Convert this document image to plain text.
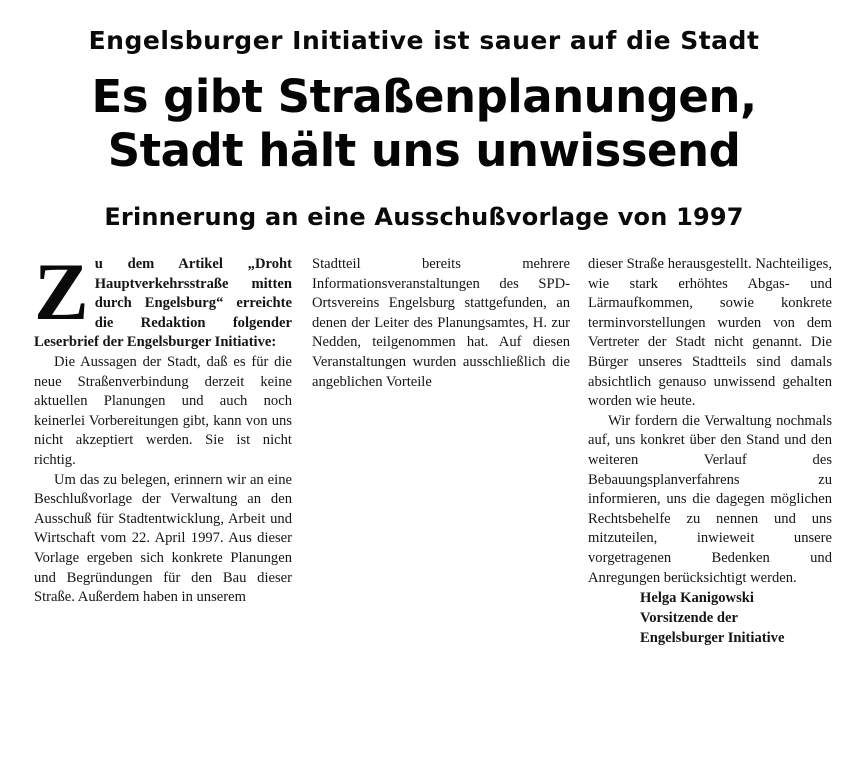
Engelsburger Initiative ist sauer auf die Stadt
Es gibt Straßenplanungen,
Stadt hält uns unwissend
Erinnerung an eine Ausschußvorlage von 1997

Zu dem Artikel „Droht Hauptverkehrsstraße mitten durch Engelsburg“ erreichte die Redaktion folgender Leserbrief der Engelsburger Initiative:

Die Aussagen der Stadt, daß es für die neue Straßenverbindung derzeit keine aktuellen Planungen und auch noch keinerlei Vorbereitungen gibt, kann von uns nicht akzeptiert werden. Sie ist nicht richtig.

Um das zu belegen, erinnern wir an eine Beschlußvorlage der Verwaltung an den Ausschuß für Stadtentwicklung, Arbeit und Wirtschaft vom 22. April 1997. Aus dieser Vorlage ergeben sich konkrete Planungen und Begründungen für den Bau dieser Straße. Außerdem haben in unserem

Stadtteil bereits mehrere Informationsveranstaltungen des SPD-Ortsvereins Engelsburg stattgefunden, an denen der Leiter des Planungsamtes, H. zur Nedden, teilgenommen hat. Auf diesen Veranstaltungen wurden ausschließlich die angeblichen Vorteile

dieser Straße herausgestellt. Nachteiliges, wie stark erhöhtes Abgas- und Lärmaufkommen, sowie konkrete terminvorstellungen wurden von dem Vertreter der Stadt nicht genannt. Die Bürger unseres Stadtteils sind damals absichtlich genauso unwissend gehalten worden wie heute.

Wir fordern die Verwaltung nochmals auf, uns konkret über den Stand und den weiteren Verlauf des Bebauungsplanverfahrens zu informieren, uns die dagegen möglichen Rechtsbehelfe zu nennen und uns mitzuteilen, inwieweit unsere vorgetragenen Bedenken und Anregungen berücksichtigt werden.

Helga Kanigowski
Vorsitzende der
Engelsburger Initiative
